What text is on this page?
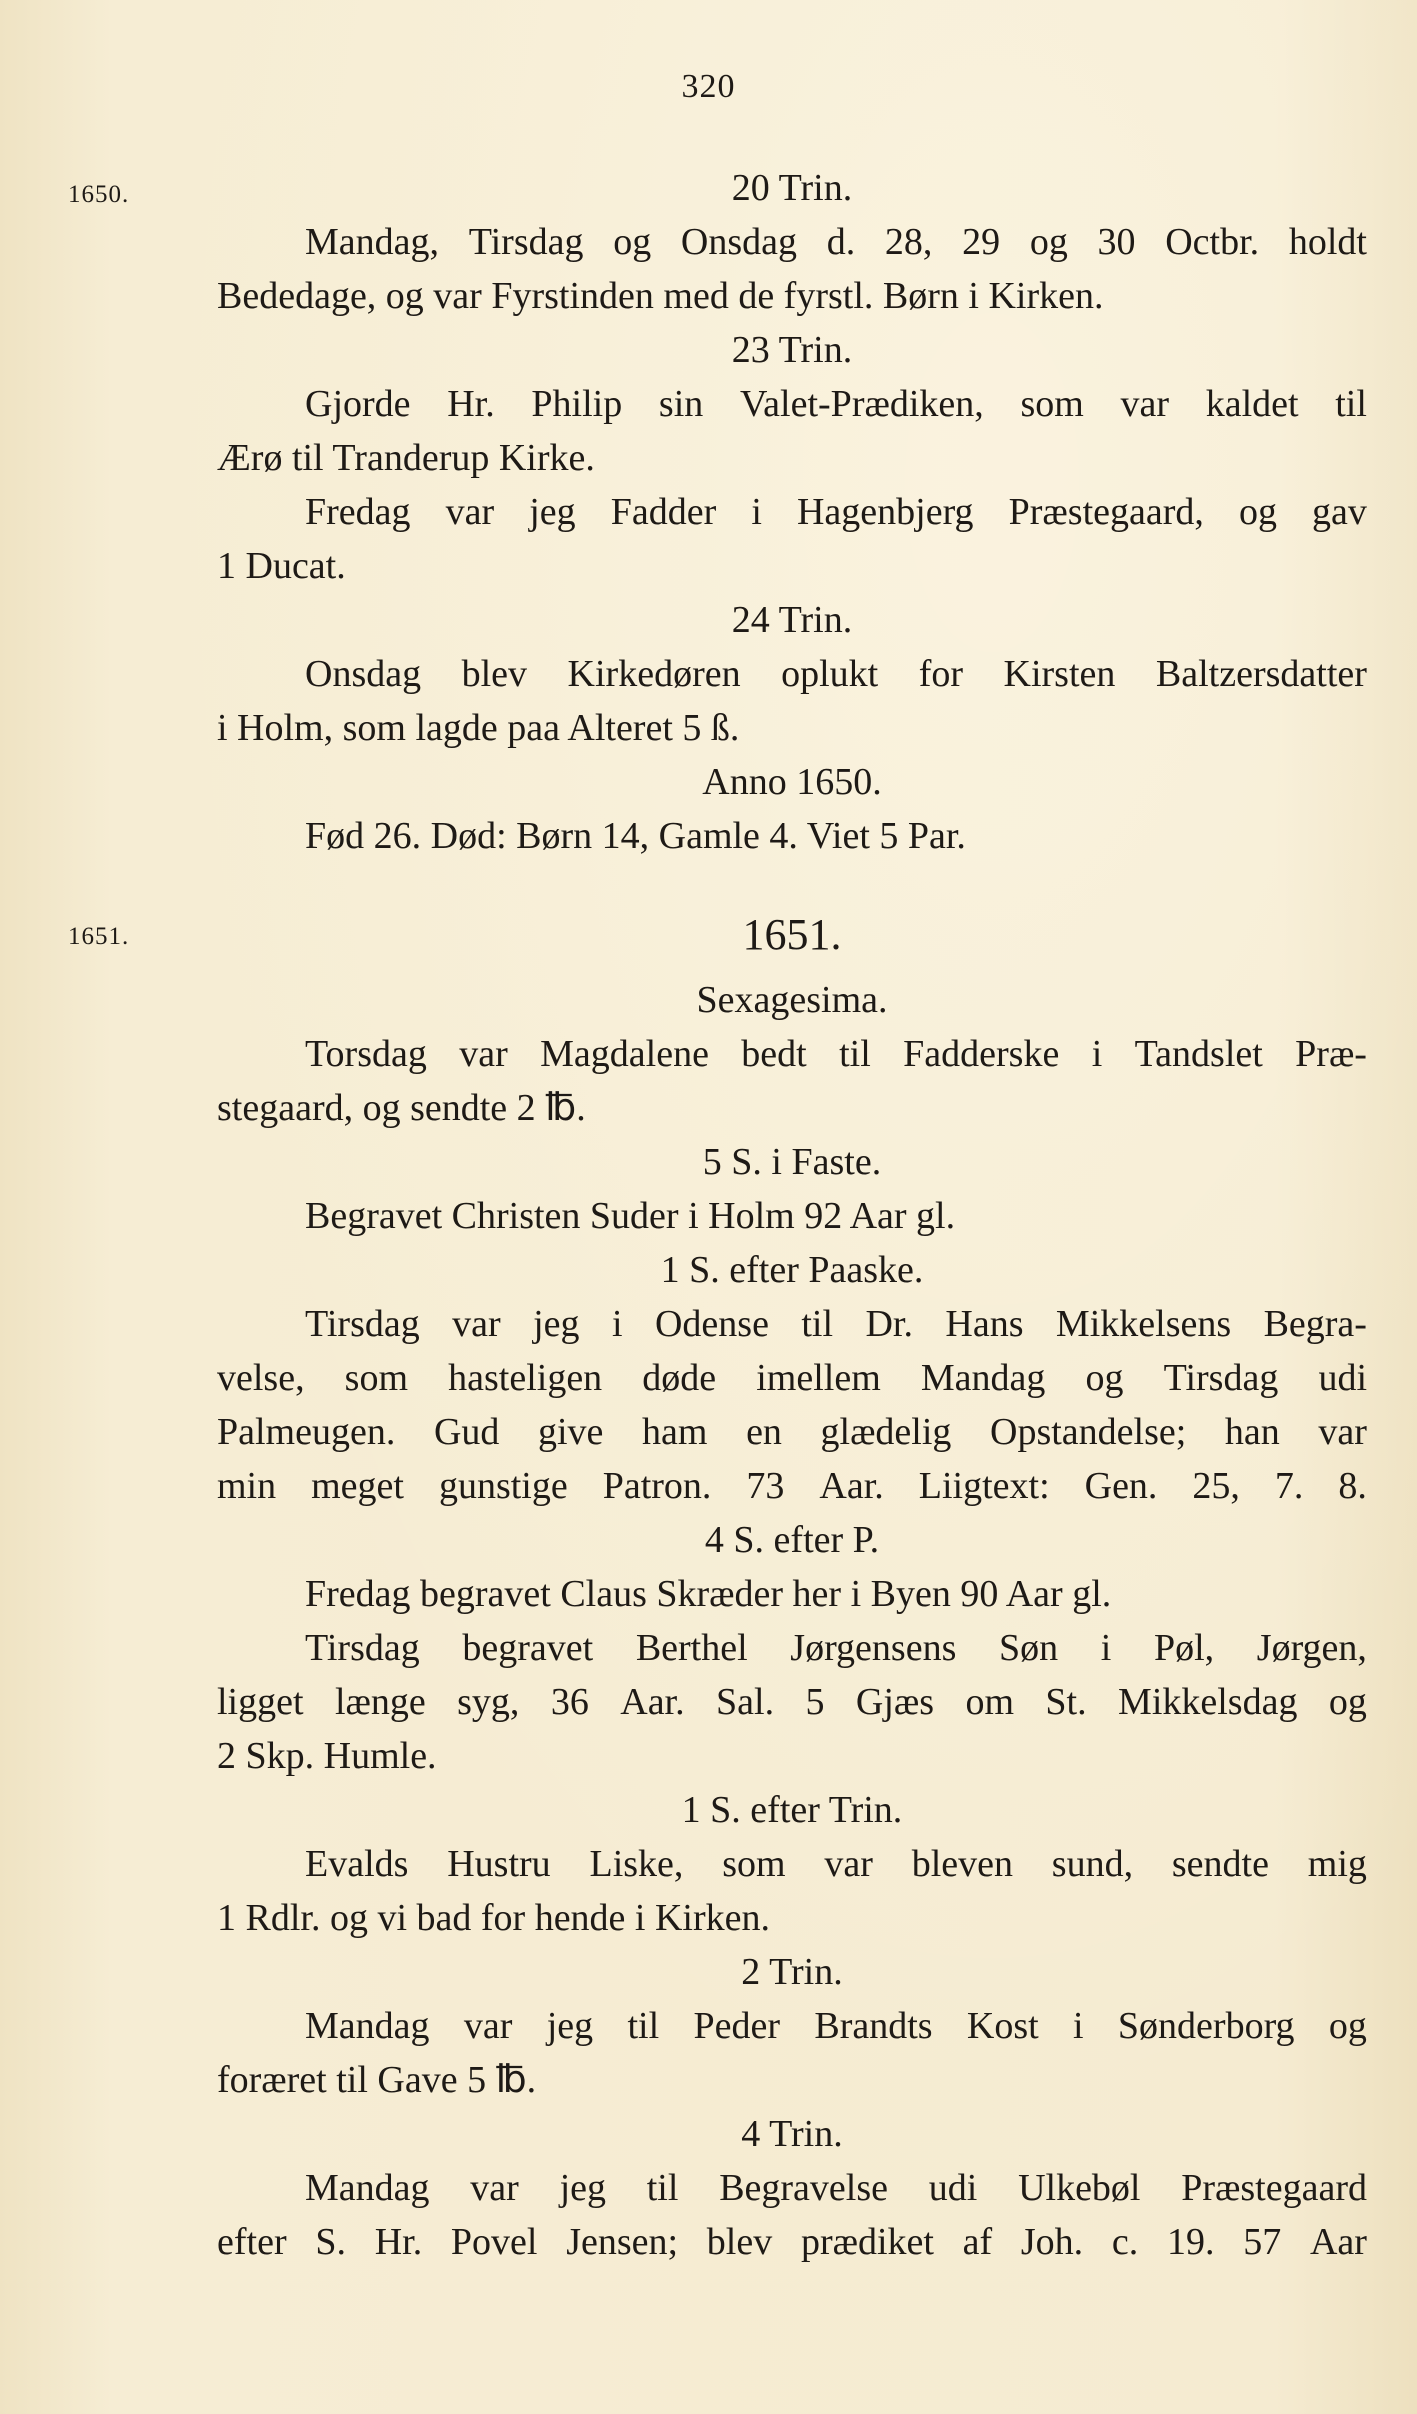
320
1650.
1651.
20 Trin.
Mandag, Tirsdag og Onsdag d. 28, 29 og 30 Octbr. holdt
Bededage, og var Fyrstinden med de fyrstl. Børn i Kirken.
23 Trin.
Gjorde Hr. Philip sin Valet-Prædiken, som var kaldet til
Ærø til Tranderup Kirke.
Fredag var jeg Fadder i Hagenbjerg Præstegaard, og gav
1 Ducat.
24 Trin.
Onsdag blev Kirkedøren oplukt for Kirsten Baltzersdatter
i Holm, som lagde paa Alteret 5 ß.
Anno 1650.
Fød 26. Død: Børn 14, Gamle 4. Viet 5 Par.
1651.
Sexagesima.
Torsdag var Magdalene bedt til Fadderske i Tandslet Præ-
stegaard, og sendte 2 ℔.
5 S. i Faste.
Begravet Christen Suder i Holm 92 Aar gl.
1 S. efter Paaske.
Tirsdag var jeg i Odense til Dr. Hans Mikkelsens Begra-
velse, som hasteligen døde imellem Mandag og Tirsdag udi
Palmeugen. Gud give ham en glædelig Opstandelse; han var
min meget gunstige Patron. 73 Aar. Liigtext: Gen. 25, 7. 8.
4 S. efter P.
Fredag begravet Claus Skræder her i Byen 90 Aar gl.
Tirsdag begravet Berthel Jørgensens Søn i Pøl, Jørgen,
ligget længe syg, 36 Aar. Sal. 5 Gjæs om St. Mikkelsdag og
2 Skp. Humle.
1 S. efter Trin.
Evalds Hustru Liske, som var bleven sund, sendte mig
1 Rdlr. og vi bad for hende i Kirken.
2 Trin.
Mandag var jeg til Peder Brandts Kost i Sønderborg og
foræret til Gave 5 ℔.
4 Trin.
Mandag var jeg til Begravelse udi Ulkebøl Præstegaard
efter S. Hr. Povel Jensen; blev prædiket af Joh. c. 19. 57 Aar
